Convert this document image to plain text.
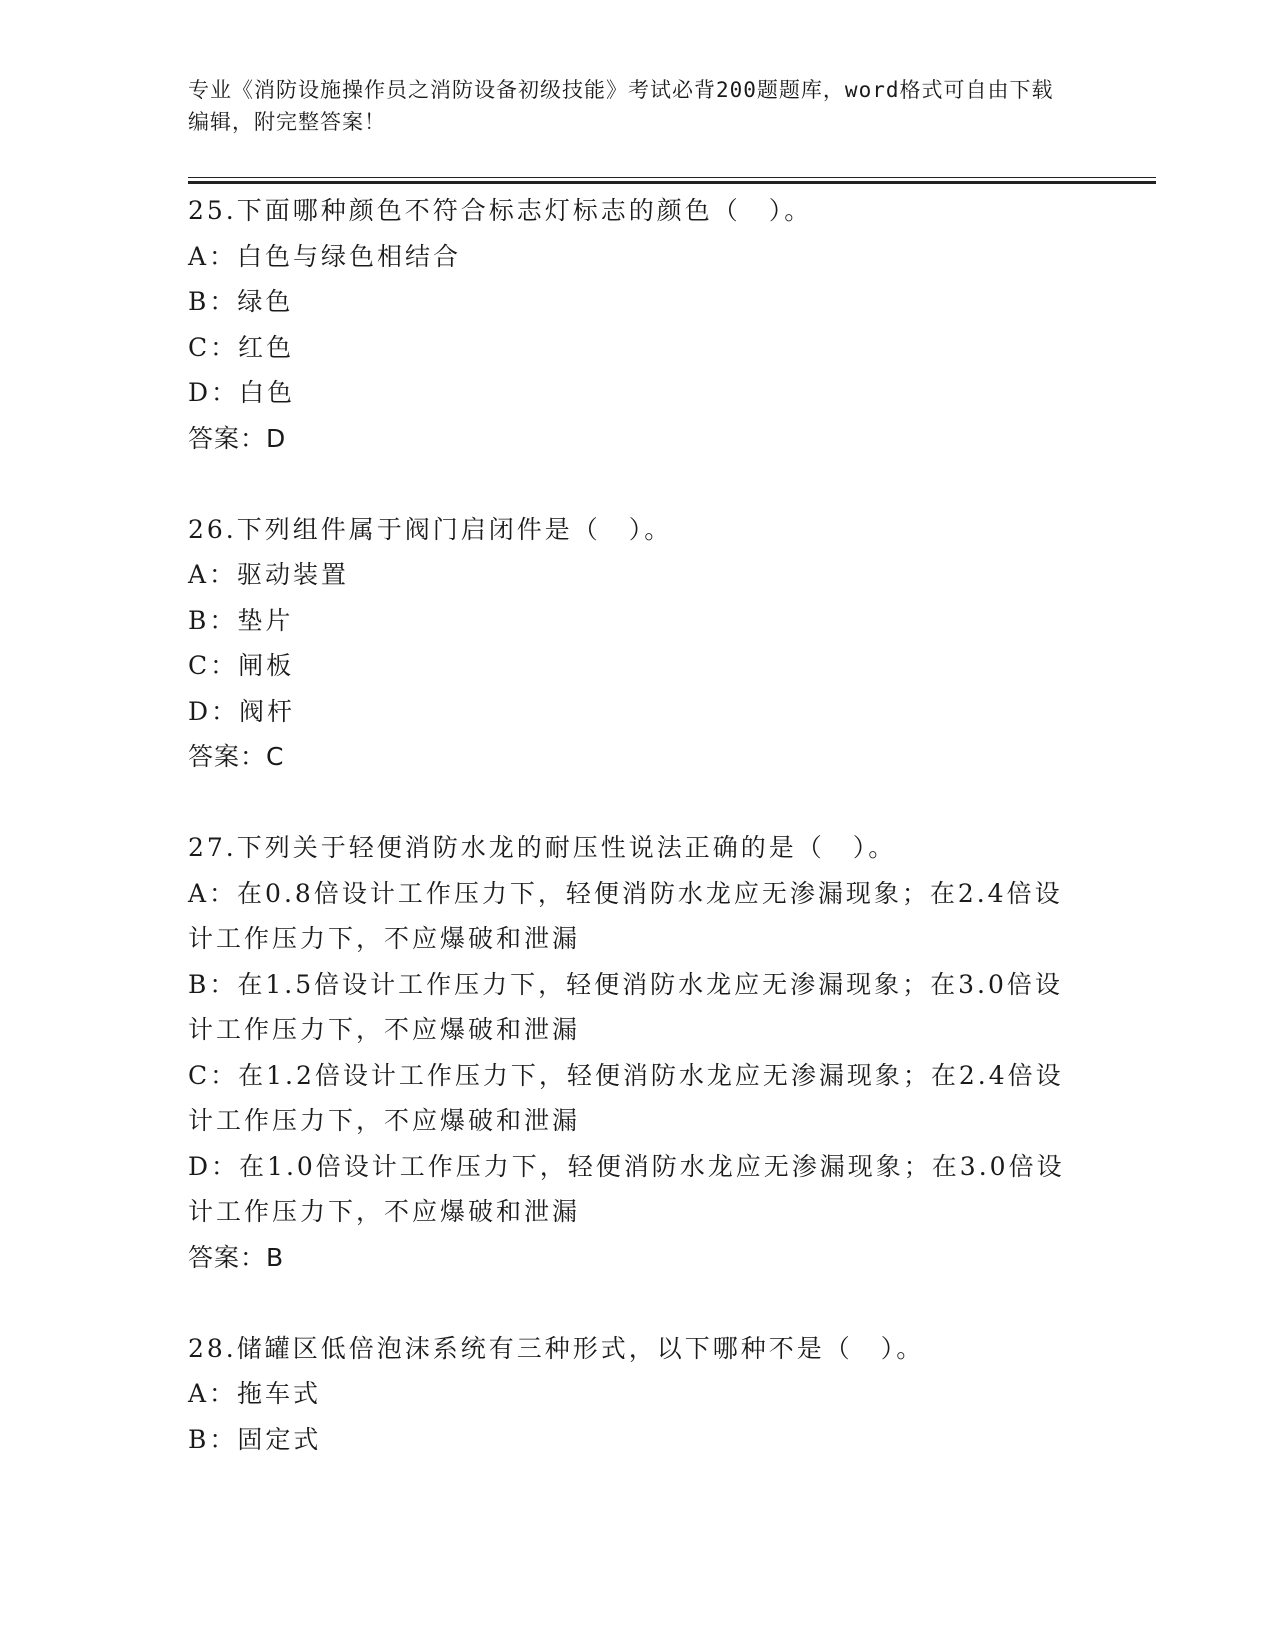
专业《消防设施操作员之消防设备初级技能》考试必背200题题库，word格式可自由下载编辑，附完整答案！

25.下面哪种颜色不符合标志灯标志的颜色（　）。

A：白色与绿色相结合

B：绿色

C：红色

D：白色

答案：D

26.下列组件属于阀门启闭件是（　）。

A：驱动装置

B：垫片

C：闸板

D：阀杆

答案：C

27.下列关于轻便消防水龙的耐压性说法正确的是（　）。

A：在0.8倍设计工作压力下，轻便消防水龙应无渗漏现象；在2.4倍设计工作压力下，不应爆破和泄漏

B：在1.5倍设计工作压力下，轻便消防水龙应无渗漏现象；在3.0倍设计工作压力下，不应爆破和泄漏

C：在1.2倍设计工作压力下，轻便消防水龙应无渗漏现象；在2.4倍设计工作压力下，不应爆破和泄漏

D：在1.0倍设计工作压力下，轻便消防水龙应无渗漏现象；在3.0倍设计工作压力下，不应爆破和泄漏

答案：B

28.储罐区低倍泡沫系统有三种形式，以下哪种不是（　）。

A：拖车式

B：固定式
